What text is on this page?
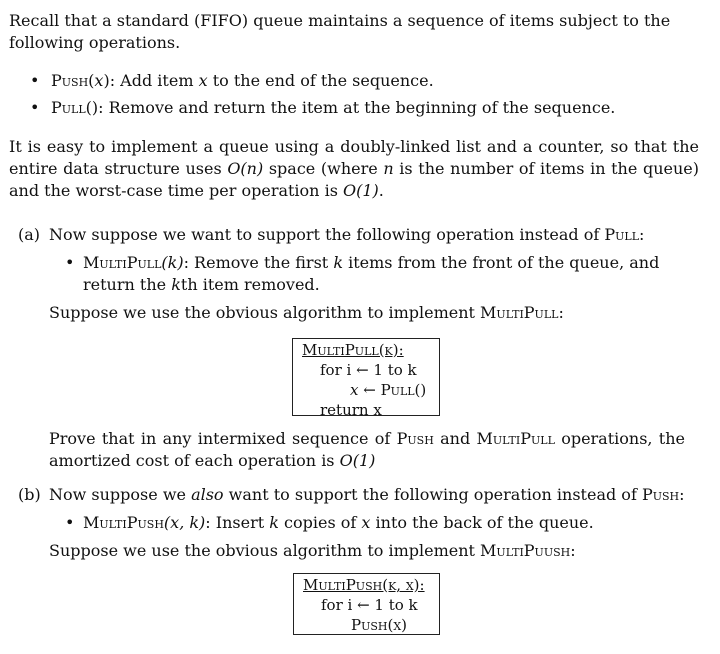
Recall that a standard (FIFO) queue maintains a sequence of items subject to the following operations.

• Push(x): Add item x to the end of the sequence.
• Pull(): Remove and return the item at the beginning of the sequence.

It is easy to implement a queue using a doubly-linked list and a counter, so that the entire data structure uses O(n) space (where n is the number of items in the queue) and the worst-case time per operation is O(1).

(a) Now suppose we want to support the following operation instead of Pull:

• MultiPull(k): Remove the first k items from the front of the queue, and return the kth item removed.

Suppose we use the obvious algorithm to implement MultiPull:

MultiPull(k):
for i ← 1 to k
x ← Pull()
return x

Prove that in any intermixed sequence of Push and MultiPull operations, the amortized cost of each operation is O(1)

(b) Now suppose we also want to support the following operation instead of Push:

• MultiPush(x, k): Insert k copies of x into the back of the queue.

Suppose we use the obvious algorithm to implement MultiPuush:

MultiPush(k, x):
for i ← 1 to k
Push(x)
